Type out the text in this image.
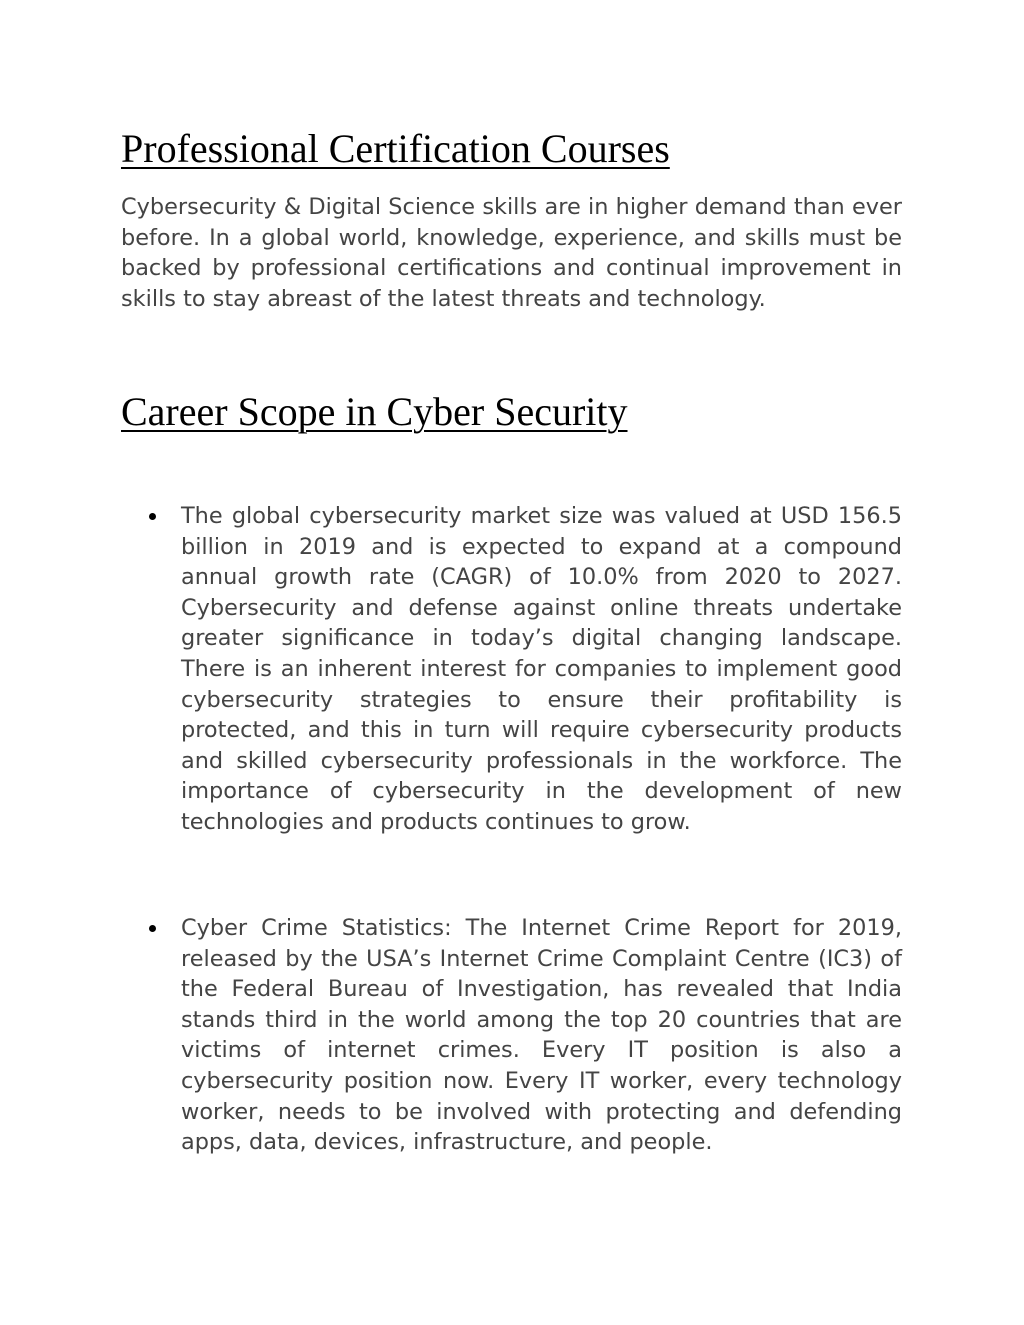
Professional Certification Courses

Cybersecurity & Digital Science skills are in higher demand than ever before. In a global world, knowledge, experience, and skills must be backed by professional certifications and continual improvement in skills to stay abreast of the latest threats and technology.

Career Scope in Cyber Security

The global cybersecurity market size was valued at USD 156.5 billion in 2019 and is expected to expand at a compound annual growth rate (CAGR) of 10.0% from 2020 to 2027. Cybersecurity and defense against online threats undertake greater significance in today’s digital changing landscape. There is an inherent interest for companies to implement good cybersecurity strategies to ensure their profitability is protected, and this in turn will require cybersecurity products and skilled cybersecurity professionals in the workforce. The importance of cybersecurity in the development of new technologies and products continues to grow.

Cyber Crime Statistics: The Internet Crime Report for 2019, released by the USA’s Internet Crime Complaint Centre (IC3) of the Federal Bureau of Investigation, has revealed that India stands third in the world among the top 20 countries that are victims of internet crimes. Every IT position is also a cybersecurity position now. Every IT worker, every technology worker, needs to be involved with protecting and defending apps, data, devices, infrastructure, and people.
